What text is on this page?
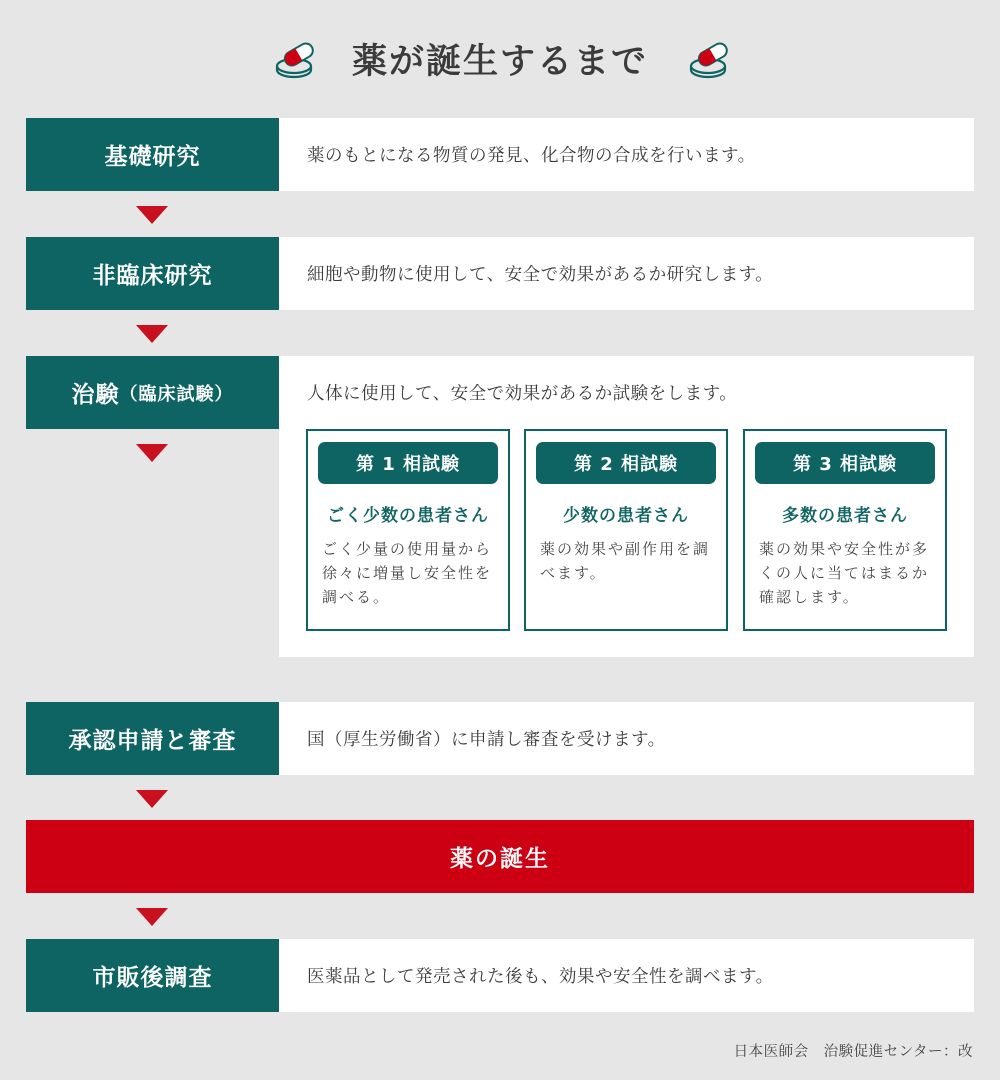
薬が誕生するまで
基礎研究	薬のもとになる物質の発見、化合物の合成を行います。
非臨床研究	細胞や動物に使用して、安全で効果があるか研究します。
治験 （臨床試験）	人体に使用して、安全で効果があるか試験をします。
第 1 相試験
ごく少数の患者さん
ごく少量の使用量から徐々に増量し安全性を調べる。
第 2 相試験
少数の患者さん
薬の効果や副作用を調べます。
第 3 相試験
多数の患者さん
薬の効果や安全性が多くの人に当てはまるか確認します。
承認申請と審査	国（厚生労働省）に申請し審査を受けます。
薬の誕生
市販後調査	医薬品として発売された後も、効果や安全性を調べます。
日本医師会　治験促進センター：改
